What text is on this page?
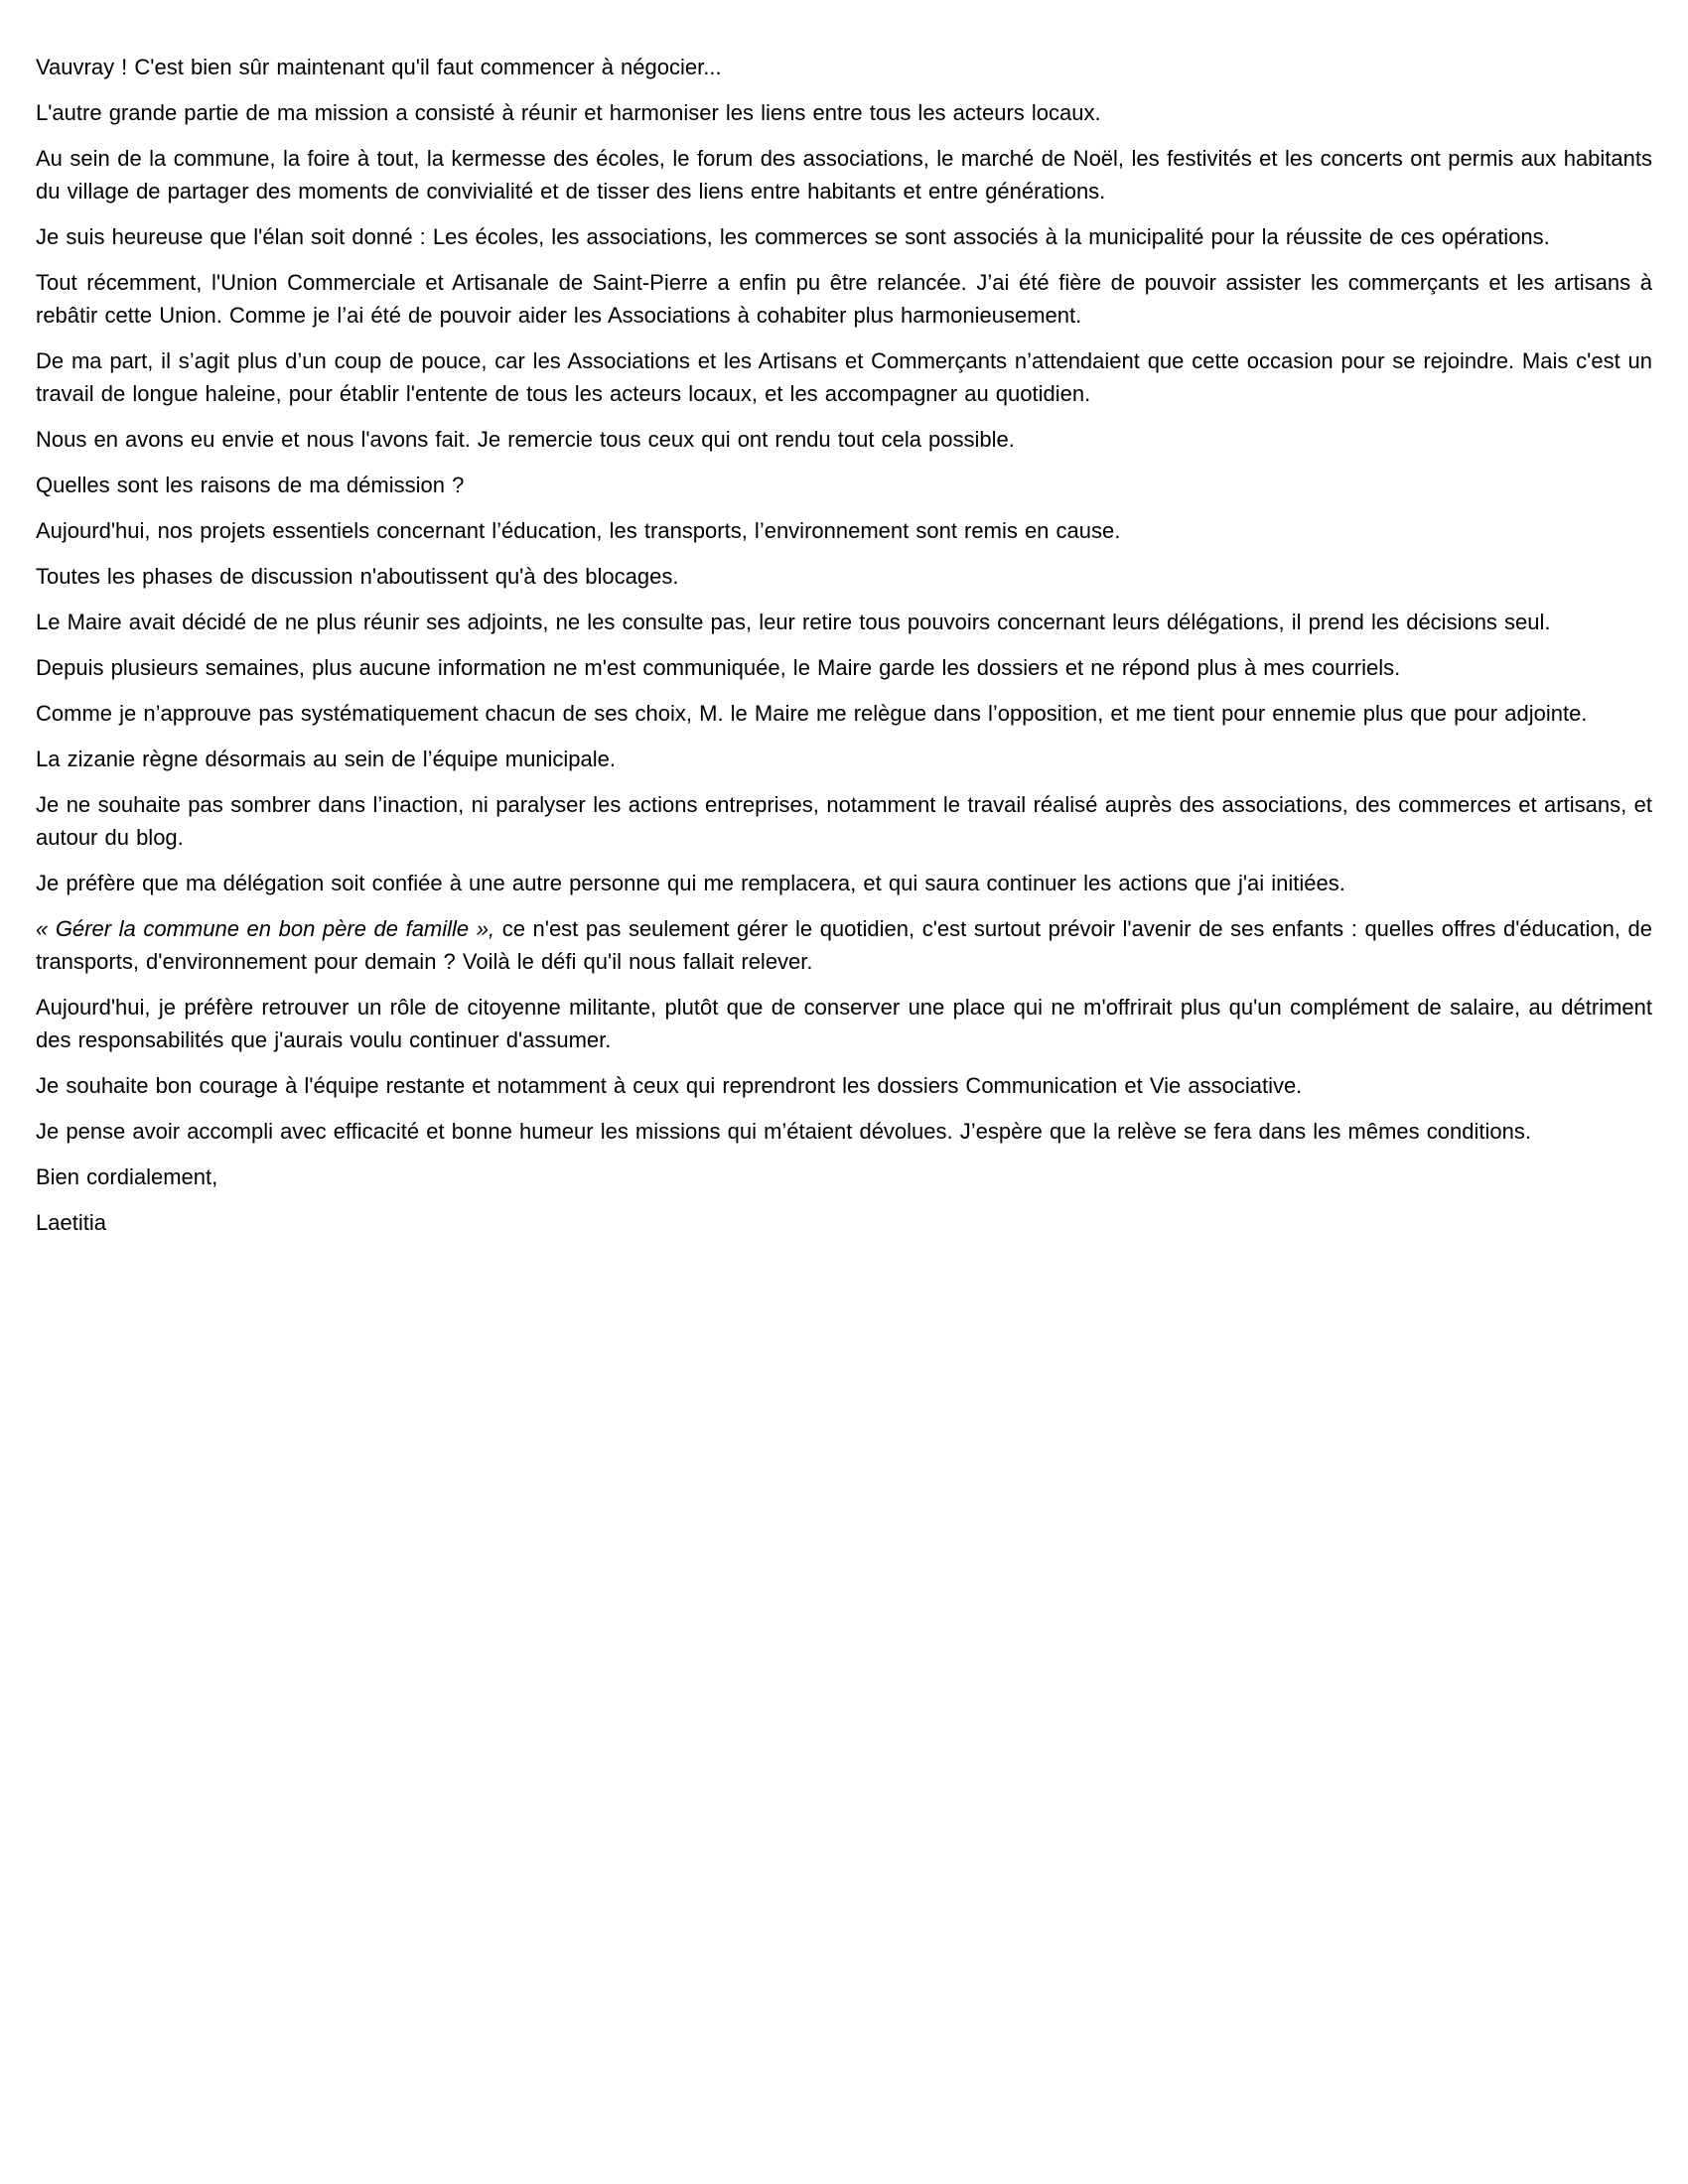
Vauvray ! C'est bien sûr maintenant qu'il faut commencer à négocier...

L'autre grande partie de ma mission a consisté à réunir et harmoniser les liens entre tous les acteurs locaux.

Au sein de la commune, la foire à tout, la kermesse des écoles, le forum des associations, le marché de Noël, les festivités et les concerts ont permis aux habitants du village de partager des moments de convivialité et de tisser des liens entre habitants et entre générations.

Je suis heureuse que l'élan soit donné : Les écoles, les associations, les commerces se sont associés à la municipalité pour la réussite de ces opérations.

Tout récemment, l'Union Commerciale et Artisanale de Saint-Pierre a enfin pu être relancée. J’ai été fière de pouvoir assister les commerçants et les artisans à rebâtir cette Union. Comme je l’ai été de pouvoir aider les Associations à cohabiter plus harmonieusement.

De ma part, il s’agit plus d’un coup de pouce, car les Associations et les Artisans et Commerçants n’attendaient que cette occasion pour se rejoindre. Mais c'est un travail de longue haleine, pour établir l'entente de tous les acteurs locaux, et les accompagner au quotidien.

Nous en avons eu envie et nous l'avons fait. Je remercie tous ceux qui ont rendu tout cela possible.

Quelles sont les raisons de ma démission ?

Aujourd'hui, nos projets essentiels concernant l’éducation, les transports, l’environnement sont remis en cause.

Toutes les phases de discussion n'aboutissent qu'à des blocages.

Le Maire avait décidé de ne plus réunir ses adjoints, ne les consulte pas, leur retire tous pouvoirs concernant leurs délégations, il prend les décisions seul.

Depuis plusieurs semaines, plus aucune information ne m'est communiquée, le Maire garde les dossiers et ne répond plus à mes courriels.

Comme je n’approuve pas systématiquement chacun de ses choix, M. le Maire me relègue dans l’opposition, et me tient pour ennemie plus que pour adjointe.

La zizanie règne désormais au sein de l’équipe municipale.

Je ne souhaite pas sombrer dans l’inaction, ni paralyser les actions entreprises, notamment le travail réalisé auprès des associations, des commerces et artisans, et autour du blog.

Je préfère que ma délégation soit confiée à une autre personne qui me remplacera, et qui saura continuer les actions que j'ai initiées.

« Gérer la commune en bon père de famille », ce n'est pas seulement gérer le quotidien, c'est surtout prévoir l'avenir de ses enfants : quelles offres d'éducation, de transports, d'environnement pour demain ? Voilà le défi qu'il nous fallait relever.

Aujourd'hui, je préfère retrouver un rôle de citoyenne militante, plutôt que de conserver une place qui ne m'offrirait plus qu'un complément de salaire, au détriment des responsabilités que j'aurais voulu continuer d'assumer.

Je souhaite bon courage à l'équipe restante et notamment à ceux qui reprendront les dossiers Communication et Vie associative.

Je pense avoir accompli avec efficacité et bonne humeur les missions qui m’étaient dévolues. J’espère que la relève se fera dans les mêmes conditions.

Bien cordialement,

Laetitia
